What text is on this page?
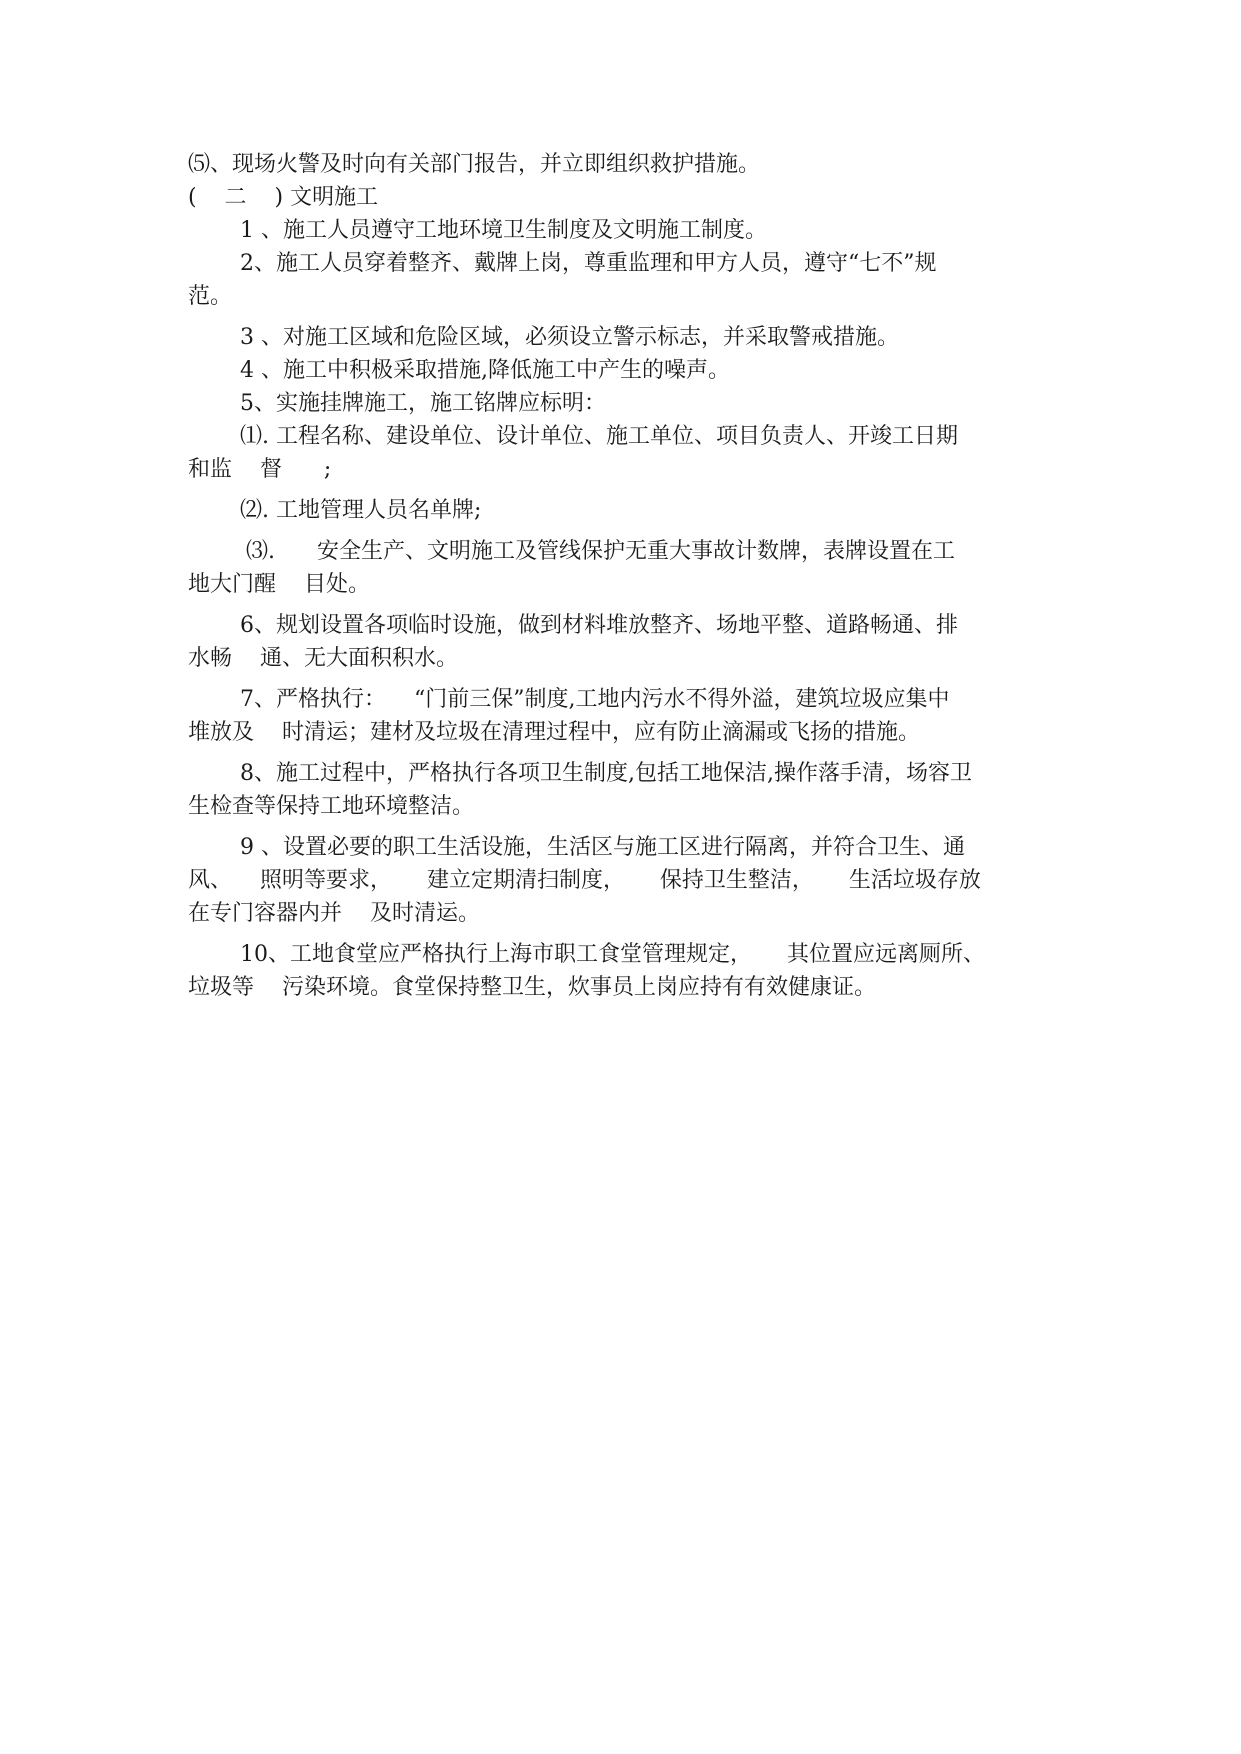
⑸、现场火警及时向有关部门报告，并立即组织救护措施。
(    二    ) 文明施工
1 、施工人员遵守工地环境卫生制度及文明施工制度。
2、施工人员穿着整齐、戴牌上岗，尊重监理和甲方人员，遵守“七不”规
范。
3 、对施工区域和危险区域，必须设立警示标志，并采取警戒措施。
4 、施工中积极采取措施,降低施工中产生的噪声。
5、实施挂牌施工，施工铭牌应标明：
⑴. 工程名称、建设单位、设计单位、施工单位、项目负责人、开竣工日期
和监    督      ;
⑵. 工地管理人员名单牌;
⑶.      安全生产、文明施工及管线保护无重大事故计数牌，表牌设置在工
地大门醒    目处。
6、规划设置各项临时设施，做到材料堆放整齐、场地平整、道路畅通、排
水畅    通、无大面积积水。
7、严格执行：    “门前三保”制度,工地内污水不得外溢，建筑垃圾应集中
堆放及    时清运；建材及垃圾在清理过程中，应有防止滴漏或飞扬的措施。
8、施工过程中，严格执行各项卫生制度,包括工地保洁,操作落手清，场容卫
生检查等保持工地环境整洁。
9 、设置必要的职工生活设施，生活区与施工区进行隔离，并符合卫生、通
风、    照明等要求，     建立定期清扫制度，     保持卫生整洁，     生活垃圾存放
在专门容器内并    及时清运。
10、工地食堂应严格执行上海市职工食堂管理规定，     其位置应远离厕所、
垃圾等    污染环境。食堂保持整卫生，炊事员上岗应持有有效健康证。
